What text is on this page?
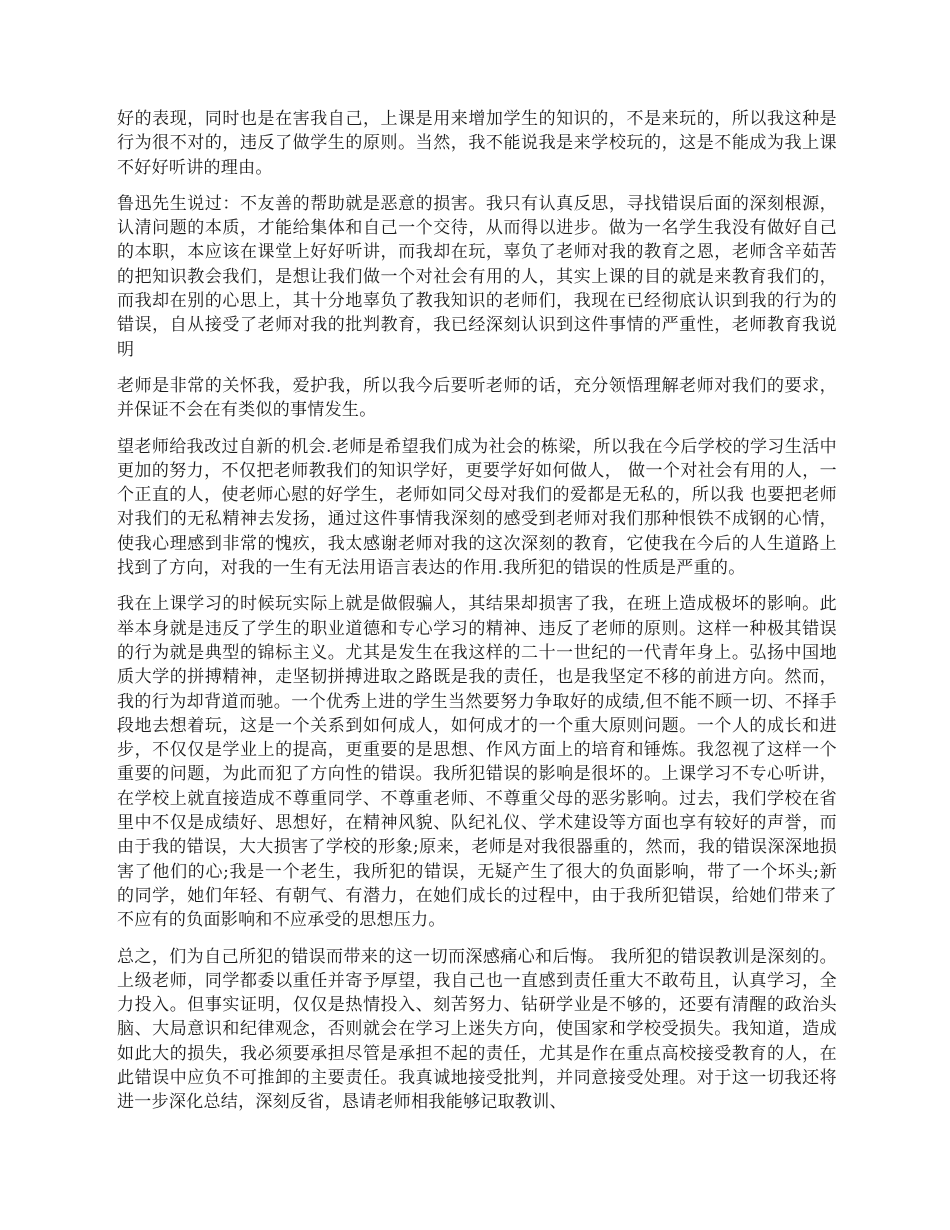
好的表现，同时也是在害我自己，上课是用来增加学生的知识的，不是来玩的，所以我这种是行为很不对的，违反了做学生的原则。当然，我不能说我是来学校玩的，这是不能成为我上课不好好听讲的理由。

鲁迅先生说过：不友善的帮助就是恶意的损害。我只有认真反思，寻找错误后面的深刻根源，认清问题的本质，才能给集体和自己一个交待，从而得以进步。做为一名学生我没有做好自己的本职，本应该在课堂上好好听讲，而我却在玩，辜负了老师对我的教育之恩，老师含辛茹苦的把知识教会我们，是想让我们做一个对社会有用的人，其实上课的目的就是来教育我们的，而我却在别的心思上，其十分地辜负了教我知识的老师们，我现在已经彻底认识到我的行为的错误，自从接受了老师对我的批判教育，我已经深刻认识到这件事情的严重性，老师教育我说明

老师是非常的关怀我，爱护我，所以我今后要听老师的话，充分领悟理解老师对我们的要求，并保证不会在有类似的事情发生。

望老师给我改过自新的机会.老师是希望我们成为社会的栋梁，所以我在今后学校的学习生活中更加的努力，不仅把老师教我们的知识学好，更要学好如何做人， 做一个对社会有用的人，一个正直的人，使老师心慰的好学生，老师如同父母对我们的爱都是无私的，所以我 也要把老师对我们的无私精神去发扬，通过这件事情我深刻的感受到老师对我们那种恨铁不成钢的心情，使我心理感到非常的愧疚，我太感谢老师对我的这次深刻的教育，它使我在今后的人生道路上找到了方向，对我的一生有无法用语言表达的作用.我所犯的错误的性质是严重的。

我在上课学习的时候玩实际上就是做假骗人，其结果却损害了我，在班上造成极坏的影响。此举本身就是违反了学生的职业道德和专心学习的精神、违反了老师的原则。这样一种极其错误的行为就是典型的锦标主义。尤其是发生在我这样的二十一世纪的一代青年身上。弘扬中国地质大学的拼搏精神，走坚韧拼搏进取之路既是我的责任，也是我坚定不移的前进方向。然而，我的行为却背道而驰。一个优秀上进的学生当然要努力争取好的成绩,但不能不顾一切、不择手段地去想着玩，这是一个关系到如何成人，如何成才的一个重大原则问题。一个人的成长和进步，不仅仅是学业上的提高，更重要的是思想、作风方面上的培育和锤炼。我忽视了这样一个重要的问题，为此而犯了方向性的错误。我所犯错误的影响是很坏的。上课学习不专心听讲，在学校上就直接造成不尊重同学、不尊重老师、不尊重父母的恶劣影响。过去，我们学校在省里中不仅是成绩好、思想好，在精神风貌、队纪礼仪、学术建设等方面也享有较好的声誉，而由于我的错误，大大损害了学校的形象;原来，老师是对我很器重的，然而，我的错误深深地损害了他们的心;我是一个老生，我所犯的错误，无疑产生了很大的负面影响，带了一个坏头;新的同学，她们年轻、有朝气、有潜力，在她们成长的过程中，由于我所犯错误，给她们带来了不应有的负面影响和不应承受的思想压力。

总之，们为自己所犯的错误而带来的这一切而深感痛心和后悔。 我所犯的错误教训是深刻的。上级老师，同学都委以重任并寄予厚望，我自己也一直感到责任重大不敢苟且，认真学习，全力投入。但事实证明，仅仅是热情投入、刻苦努力、钻研学业是不够的，还要有清醒的政治头脑、大局意识和纪律观念，否则就会在学习上迷失方向，使国家和学校受损失。我知道，造成如此大的损失，我必须要承担尽管是承担不起的责任，尤其是作在重点高校接受教育的人，在此错误中应负不可推卸的主要责任。我真诚地接受批判，并同意接受处理。对于这一切我还将进一步深化总结，深刻反省，恳请老师相我能够记取教训、
